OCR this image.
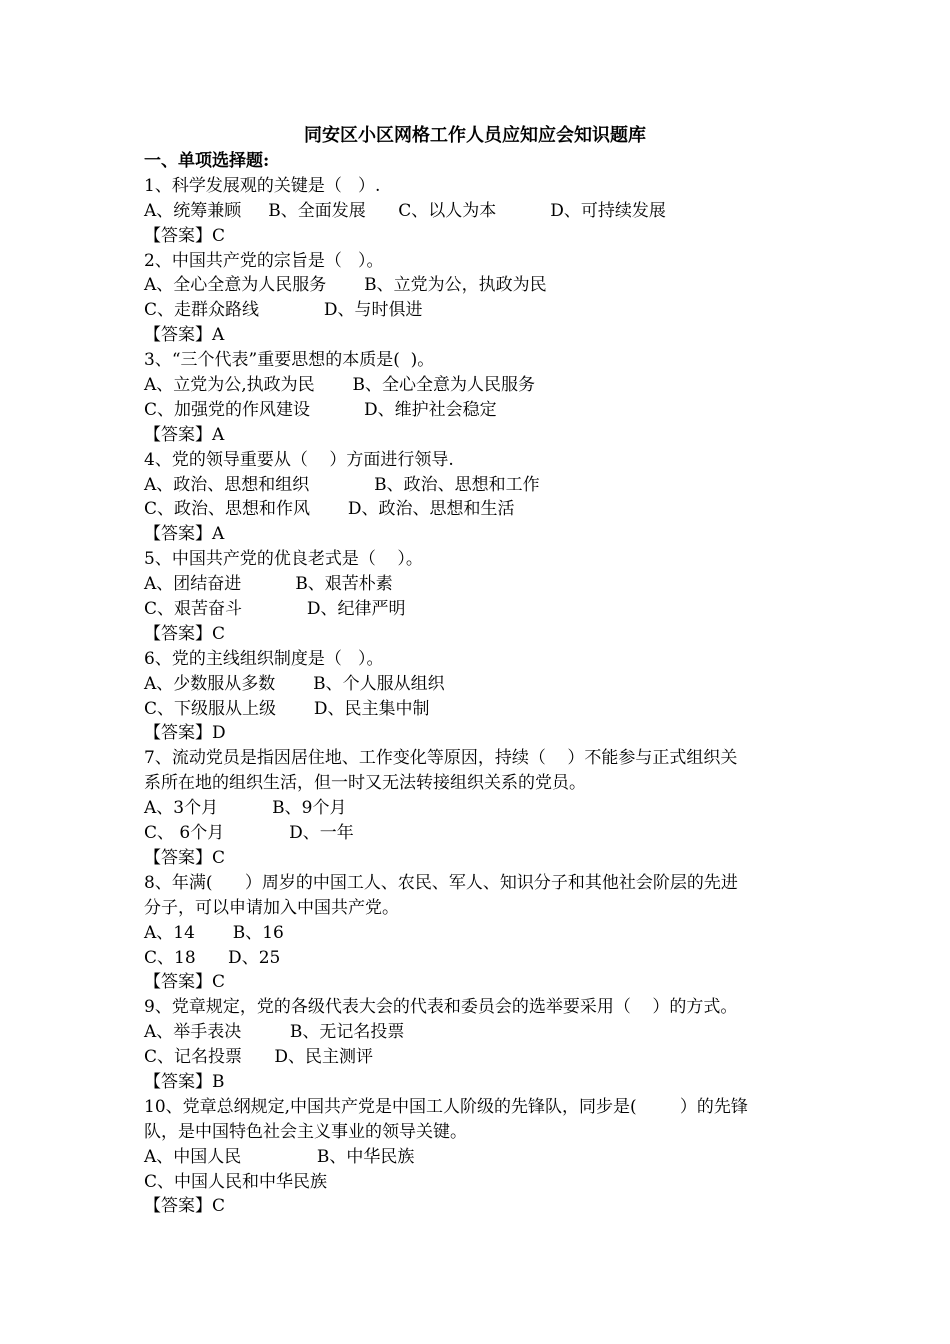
同安区小区网格工作人员应知应会知识题库
一、单项选择题:
1、科学发展观的关键是（   ）.
A、统筹兼顾     B、全面发展      C、以人为本          D、可持续发展
【答案】C
2、中国共产党的宗旨是（   ）。
A、全心全意为人民服务       B、立党为公，执政为民
C、走群众路线            D、与时俱进
【答案】A
3、“三个代表”重要思想的本质是(  )。
A、立党为公,执政为民       B、全心全意为人民服务
C、加强党的作风建设          D、维护社会稳定
【答案】A
4、党的领导重要从（    ）方面进行领导.
A、政治、思想和组织            B、政治、思想和工作
C、政治、思想和作风       D、政治、思想和生活
【答案】A
5、中国共产党的优良老式是（    ）。
A、团结奋进          B、艰苦朴素
C、艰苦奋斗            D、纪律严明
【答案】C
6、党的主线组织制度是（   ）。
A、少数服从多数       B、个人服从组织
C、下级服从上级       D、民主集中制
【答案】D
7、流动党员是指因居住地、工作变化等原因，持续（    ）不能参与正式组织关
系所在地的组织生活，但一时又无法转接组织关系的党员。
A、3个月          B、9个月
C、 6个月            D、一年
【答案】C
8、年满(      ）周岁的中国工人、农民、军人、知识分子和其他社会阶层的先进
分子，可以申请加入中国共产党。
A、14       B、16
C、18      D、25
【答案】C
9、党章规定，党的各级代表大会的代表和委员会的选举要采用（    ）的方式。
A、举手表决         B、无记名投票
C、记名投票      D、民主测评
【答案】B
10、党章总纲规定,中国共产党是中国工人阶级的先锋队，同步是(        ）的先锋
队，是中国特色社会主义事业的领导关键。
A、中国人民              B、中华民族
C、中国人民和中华民族
【答案】C
